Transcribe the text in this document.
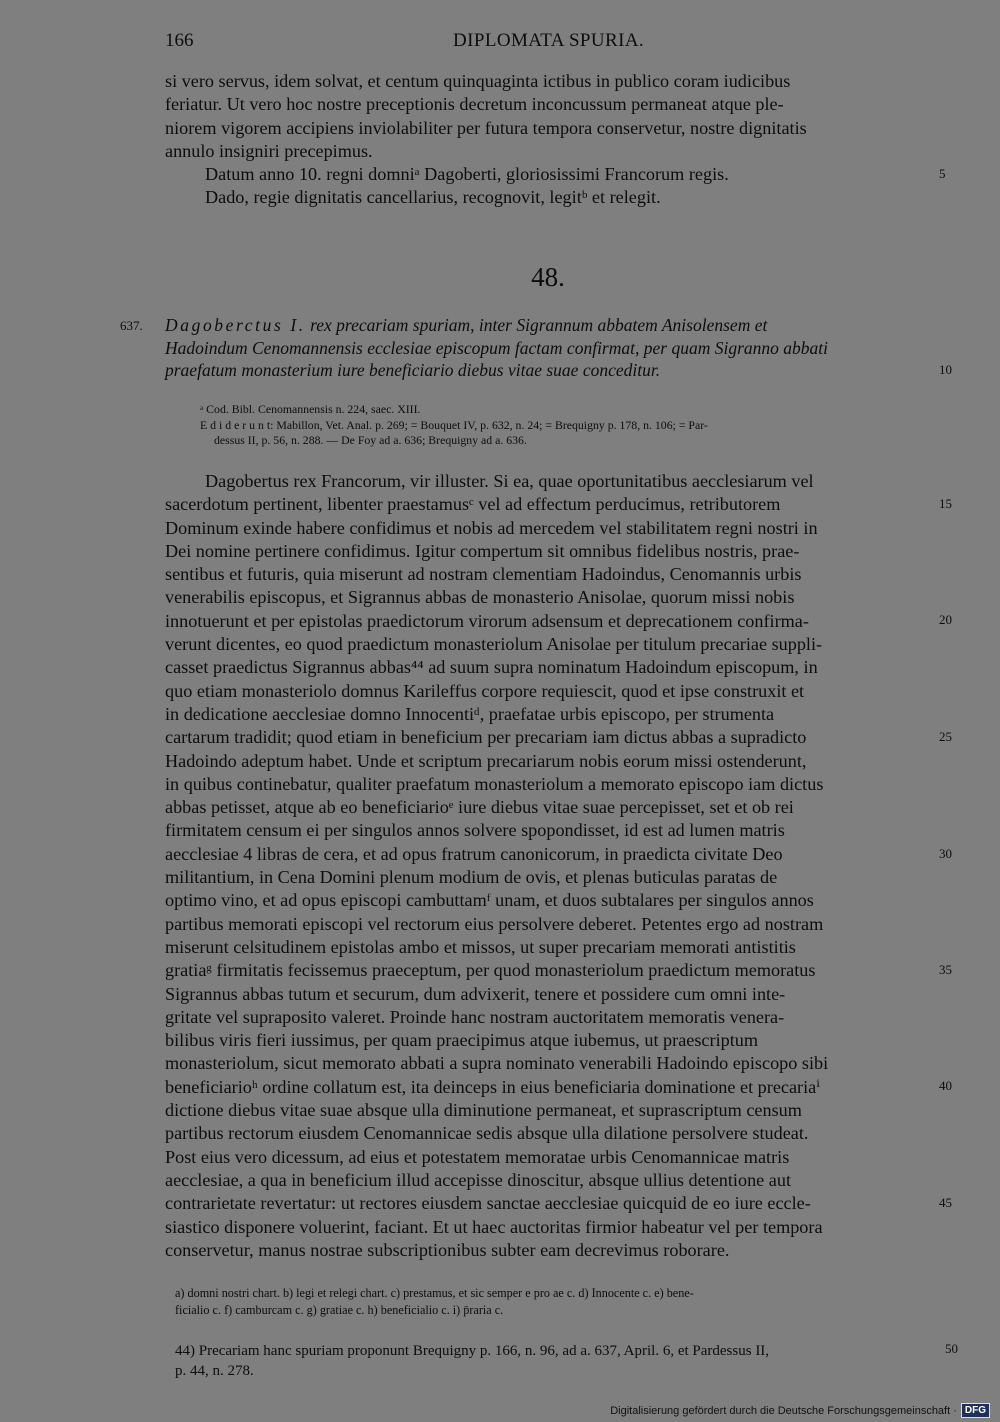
166	DIPLOMATA SPURIA.

si vero servus, idem solvat, et centum quinquaginta ictibus in publico coram iudicibus
feriatur. Ut vero hoc nostre preceptionis decretum inconcussum permaneat atque ple-
niorem vigorem accipiens inviolabiliter per futura tempora conservetur, nostre dignitatis
annulo insigniri precepimus.

Datum anno 10. regni domniᵃ Dagoberti, gloriosissimi Francorum regis.

Dado, regie dignitatis cancellarius, recognovit, legitᵇ et relegit.

48.
637. Dagoberctus I. rex precariam spuriam, inter Sigrannum abbatem Anisolensem et
Hadoindum Cenomannensis ecclesiae episcopum factam confirmat, per quam Sigranno abbati
praefatum monasterium iure beneficiario diebus vitae suae conceditur.
ᵃ Cod. Bibl. Cenomannensis n. 224, saec. XIII.
E d i d e r u n t: Mabillon, Vet. Anal. p. 269; = Bouquet IV, p. 632, n. 24; = Brequigny p. 178, n. 106; = Par-
dessus II, p. 56, n. 288. — De Foy ad a. 636; Brequigny ad a. 636.
Dagobertus rex Francorum, vir illuster. Si ea, quae oportunitatibus aecclesiarum vel
sacerdotum pertinent, libenter praestamusᶜ vel ad effectum perducimus, retributorem
Dominum exinde habere confidimus et nobis ad mercedem vel stabilitatem regni nostri in
Dei nomine pertinere confidimus. Igitur compertum sit omnibus fidelibus nostris, prae-
sentibus et futuris, quia miserunt ad nostram clementiam Hadoindus, Cenomannis urbis
venerabilis episcopus, et Sigrannus abbas de monasterio Anisolae, quorum missi nobis
innotuerunt et per epistolas praedictorum virorum adsensum et deprecationem confirma-
verunt dicentes, eo quod praedictum monasteriolum Anisolae per titulum precariae suppli-
casset praedictus Sigrannus abbas⁴⁴ ad suum supra nominatum Hadoindum episcopum, in
quo etiam monasteriolo domnus Karileffus corpore requiescit, quod et ipse construxit et
in dedicatione aecclesiae domno Innocentiᵈ, praefatae urbis episcopo, per strumenta
cartarum tradidit; quod etiam in beneficium per precariam iam dictus abbas a supradicto
Hadoindo adeptum habet. Unde et scriptum precariarum nobis eorum missi ostenderunt,
in quibus continebatur, qualiter praefatum monasteriolum a memorato episcopo iam dictus
abbas petisset, atque ab eo beneficiarioᵉ iure diebus vitae suae percepisset, set et ob rei
firmitatem censum ei per singulos annos solvere spopondisset, id est ad lumen matris
aecclesiae 4 libras de cera, et ad opus fratrum canonicorum, in praedicta civitate Deo
militantium, in Cena Domini plenum modium de ovis, et plenas buticulas paratas de
optimo vino, et ad opus episcopi cambuttamᶠ unam, et duos subtalares per singulos annos
partibus memorati episcopi vel rectorum eius persolvere deberet. Petentes ergo ad nostram
miserunt celsitudinem epistolas ambo et missos, ut super precariam memorati antistitis
gratiaᵍ firmitatis fecissemus praeceptum, per quod monasteriolum praedictum memoratus
Sigrannus abbas tutum et securum, dum advixerit, tenere et possidere cum omni inte-
gritate vel supraposito valeret. Proinde hanc nostram auctoritatem memoratis venera-
bilibus viris fieri iussimus, per quam praecipimus atque iubemus, ut praescriptum
monasteriolum, sicut memorato abbati a supra nominato venerabili Hadoindo episcopo sibi
beneficiarioʰ ordine collatum est, ita deinceps in eius beneficiaria dominatione et precariaⁱ
dictione diebus vitae suae absque ulla diminutione permaneat, et suprascriptum censum
partibus rectorum eiusdem Cenomannicae sedis absque ulla dilatione persolvere studeat.
Post eius vero dicessum, ad eius et potestatem memoratae urbis Cenomannicae matris
aecclesiae, a qua in beneficium illud accepisse dinoscitur, absque ullius detentione aut
contrarietate revertatur: ut rectores eiusdem sanctae aecclesiae quicquid de eo iure eccle-
siastico disponere voluerint, faciant. Et ut haec auctoritas firmior habeatur vel per tempora
conservetur, manus nostrae subscriptionibus subter eam decrevimus roborare.
5
10
15
20
25
30
35
40
45
50
a) domni nostri chart. b) legi et relegi chart. c) prestamus, et sic semper e pro ae c. d) Innocente c. e) bene-
ficialio c. f) camburcam c. g) gratiae c. h) beneficialio c. i) p̄raria c.
44) Precariam hanc spuriam proponunt Brequigny p. 166, n. 96, ad a. 637, April. 6, et Pardessus II,
p. 44, n. 278.
Digitalisierung gefördert durch die Deutsche Forschungsgemeinschaft · DFG
